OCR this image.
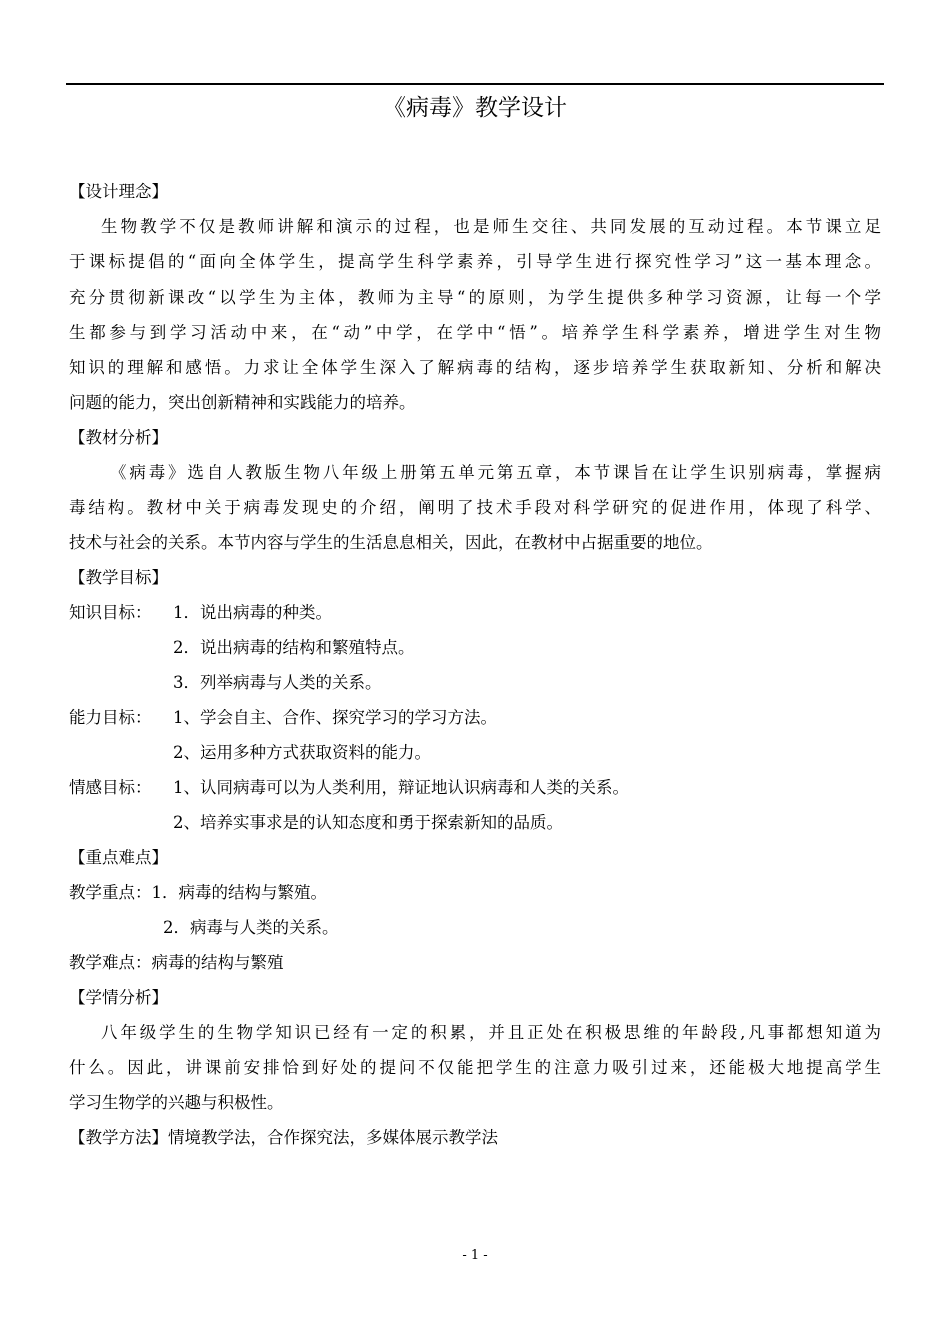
《病毒》教学设计
【设计理念】
生物教学不仅是教师讲解和演示的过程，也是师生交往、共同发展的互动过程。本节课立足
于课标提倡的“面向全体学生，提高学生科学素养，引导学生进行探究性学习”这一基本理念。
充分贯彻新课改“以学生为主体，教师为主导“的原则，为学生提供多种学习资源，让每一个学
生都参与到学习活动中来，在“动”中学，在学中“悟”。培养学生科学素养，增进学生对生物
知识的理解和感悟。力求让全体学生深入了解病毒的结构，逐步培养学生获取新知、分析和解决
问题的能力，突出创新精神和实践能力的培养。
【教材分析】
《病毒》选自人教版生物八年级上册第五单元第五章，本节课旨在让学生识别病毒，掌握病
毒结构。教材中关于病毒发现史的介绍，阐明了技术手段对科学研究的促进作用，体现了科学、
技术与社会的关系。本节内容与学生的生活息息相关，因此，在教材中占据重要的地位。
【教学目标】
知识目标： 1．说出病毒的种类。
2．说出病毒的结构和繁殖特点。
3．列举病毒与人类的关系。
能力目标： 1、学会自主、合作、探究学习的学习方法。
2、运用多种方式获取资料的能力。
情感目标： 1、认同病毒可以为人类利用，辩证地认识病毒和人类的关系。
2、培养实事求是的认知态度和勇于探索新知的品质。
【重点难点】
教学重点：1．病毒的结构与繁殖。
2．病毒与人类的关系。
教学难点：病毒的结构与繁殖
【学情分析】
八年级学生的生物学知识已经有一定的积累，并且正处在积极思维的年龄段,凡事都想知道为
什么。因此，讲课前安排恰到好处的提问不仅能把学生的注意力吸引过来，还能极大地提高学生
学习生物学的兴趣与积极性。
【教学方法】情境教学法，合作探究法，多媒体展示教学法
- 1 -
